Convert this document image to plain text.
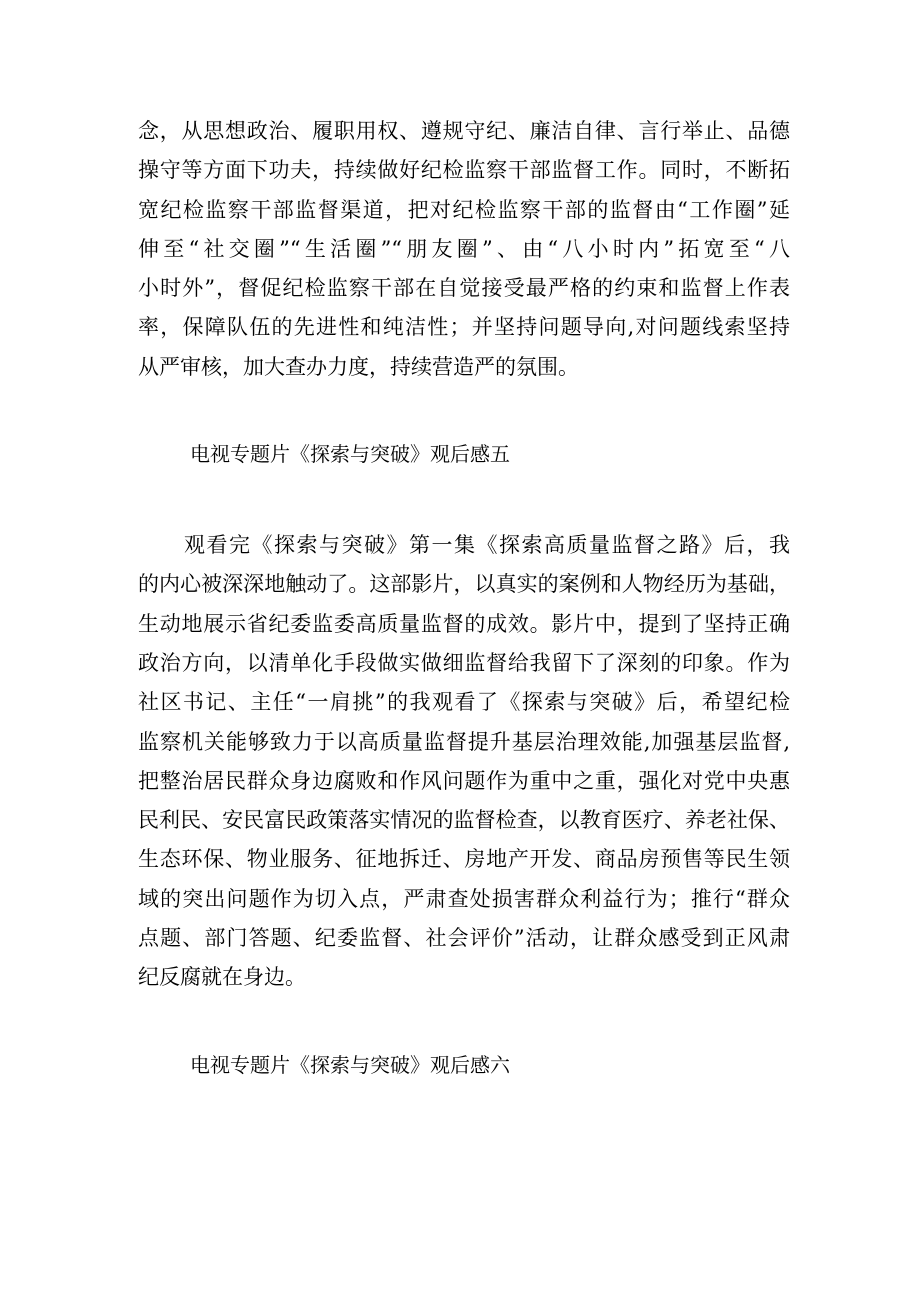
念，从思想政治、履职用权、遵规守纪、廉洁自律、言行举止、品德
操守等方面下功夫，持续做好纪检监察干部监督工作。同时，不断拓
宽纪检监察干部监督渠道，把对纪检监察干部的监督由“工作圈”延
伸至“社交圈”“生活圈”“朋友圈”、由“八小时内”拓宽至“八
小时外”，督促纪检监察干部在自觉接受最严格的约束和监督上作表
率，保障队伍的先进性和纯洁性；并坚持问题导向,对问题线索坚持
从严审核，加大查办力度，持续营造严的氛围。
电视专题片《探索与突破》观后感五
观看完《探索与突破》第一集《探索高质量监督之路》后，我
的内心被深深地触动了。这部影片，以真实的案例和人物经历为基础，
生动地展示省纪委监委高质量监督的成效。影片中，提到了坚持正确
政治方向，以清单化手段做实做细监督给我留下了深刻的印象。作为
社区书记、主任“一肩挑”的我观看了《探索与突破》后，希望纪检
监察机关能够致力于以高质量监督提升基层治理效能,加强基层监督,
把整治居民群众身边腐败和作风问题作为重中之重，强化对党中央惠
民利民、安民富民政策落实情况的监督检查，以教育医疗、养老社保、
生态环保、物业服务、征地拆迁、房地产开发、商品房预售等民生领
域的突出问题作为切入点，严肃查处损害群众利益行为；推行“群众
点题、部门答题、纪委监督、社会评价”活动，让群众感受到正风肃
纪反腐就在身边。
电视专题片《探索与突破》观后感六
